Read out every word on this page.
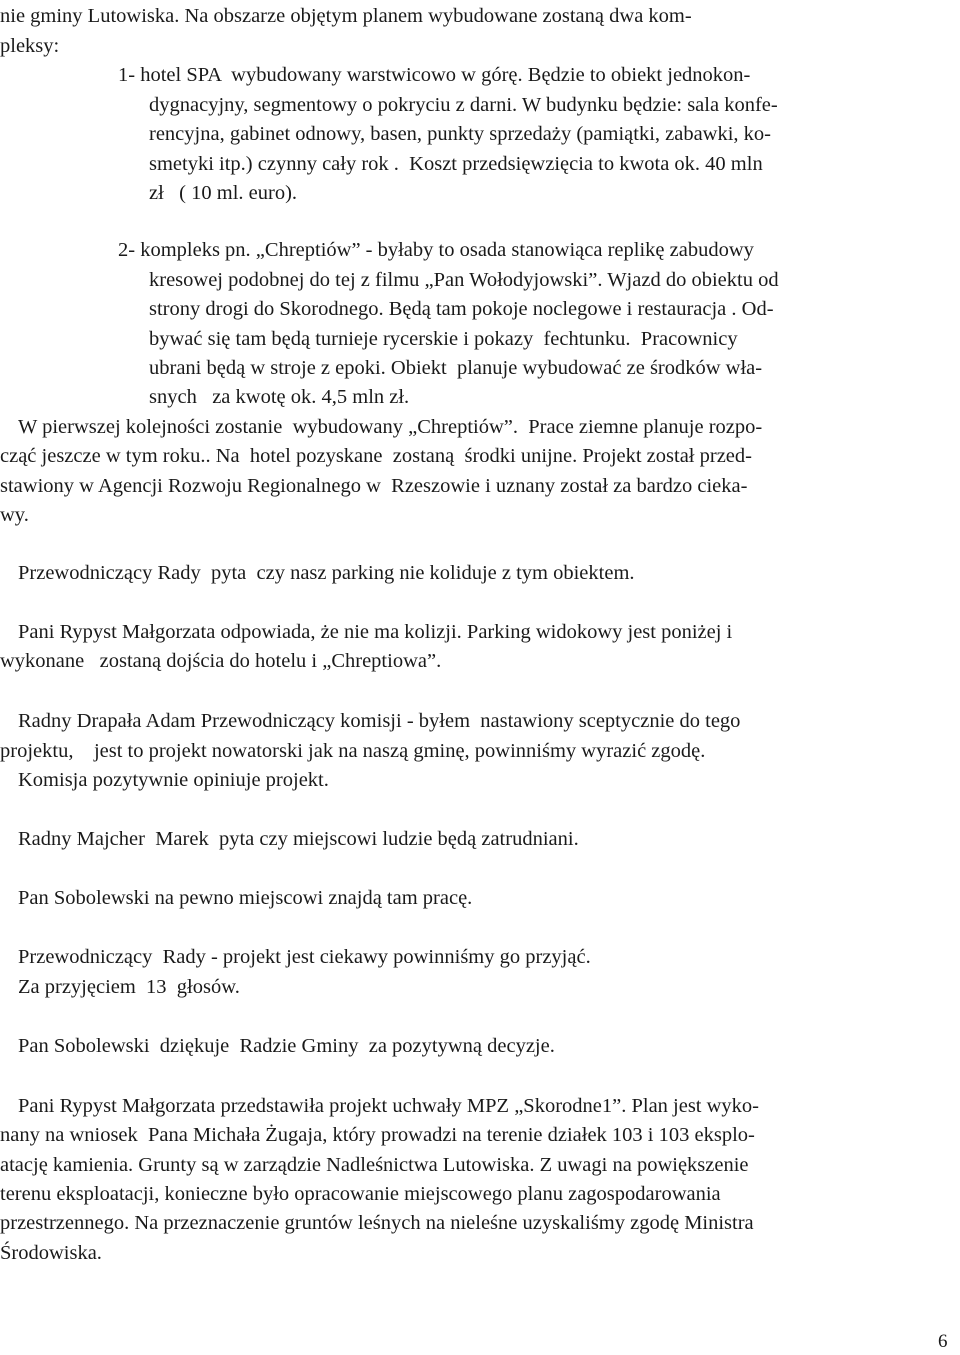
nie gminy Lutowiska. Na obszarze objętym planem wybudowane zostaną dwa kom-
pleksy:
1- hotel SPA  wybudowany warstwicowo w górę. Będzie to obiekt jednokon-
dygnacyjny, segmentowy o pokryciu z darni. W budynku będzie: sala konfe-
rencyjna, gabinet odnowy, basen, punkty sprzedaży (pamiątki, zabawki, ko-
smetyki itp.) czynny cały rok .  Koszt przedsięwzięcia to kwota ok. 40 mln
zł   ( 10 ml. euro).
2- kompleks pn. „Chreptiów” - byłaby to osada stanowiąca replikę zabudowy
kresowej podobnej do tej z filmu „Pan Wołodyjowski”. Wjazd do obiektu od
strony drogi do Skorodnego. Będą tam pokoje noclegowe i restauracja . Od-
bywać się tam będą turnieje rycerskie i pokazy  fechtunku.  Pracownicy
ubrani będą w stroje z epoki. Obiekt  planuje wybudować ze środków wła-
snych   za kwotę ok. 4,5 mln zł.
W pierwszej kolejności zostanie  wybudowany „Chreptiów”.  Prace ziemne planuje rozpo-
cząć jeszcze w tym roku.. Na  hotel pozyskane  zostaną  środki unijne. Projekt został przed-
stawiony w Agencji Rozwoju Regionalnego w  Rzeszowie i uznany został za bardzo cieka-
wy.
Przewodniczący Rady  pyta  czy nasz parking nie koliduje z tym obiektem.
Pani Rypyst Małgorzata odpowiada, że nie ma kolizji. Parking widokowy jest poniżej i
wykonane   zostaną dojścia do hotelu i „Chreptiowa”.
Radny Drapała Adam Przewodniczący komisji - byłem  nastawiony sceptycznie do tego
projektu,    jest to projekt nowatorski jak na naszą gminę, powinniśmy wyrazić zgodę.
Komisja pozytywnie opiniuje projekt.
Radny Majcher  Marek  pyta czy miejscowi ludzie będą zatrudniani.
Pan Sobolewski na pewno miejscowi znajdą tam pracę.
Przewodniczący  Rady - projekt jest ciekawy powinniśmy go przyjąć.
Za przyjęciem  13  głosów.
Pan Sobolewski  dziękuje  Radzie Gminy  za pozytywną decyzje.
Pani Rypyst Małgorzata przedstawiła projekt uchwały MPZ „Skorodne1”. Plan jest wyko-
nany na wniosek  Pana Michała Żugaja, który prowadzi na terenie działek 103 i 103 eksplo-
atację kamienia. Grunty są w zarządzie Nadleśnictwa Lutowiska. Z uwagi na powiększenie
terenu eksploatacji, konieczne było opracowanie miejscowego planu zagospodarowania
przestrzennego. Na przeznaczenie gruntów leśnych na nieleśne uzyskaliśmy zgodę Ministra
Środowiska.
6
